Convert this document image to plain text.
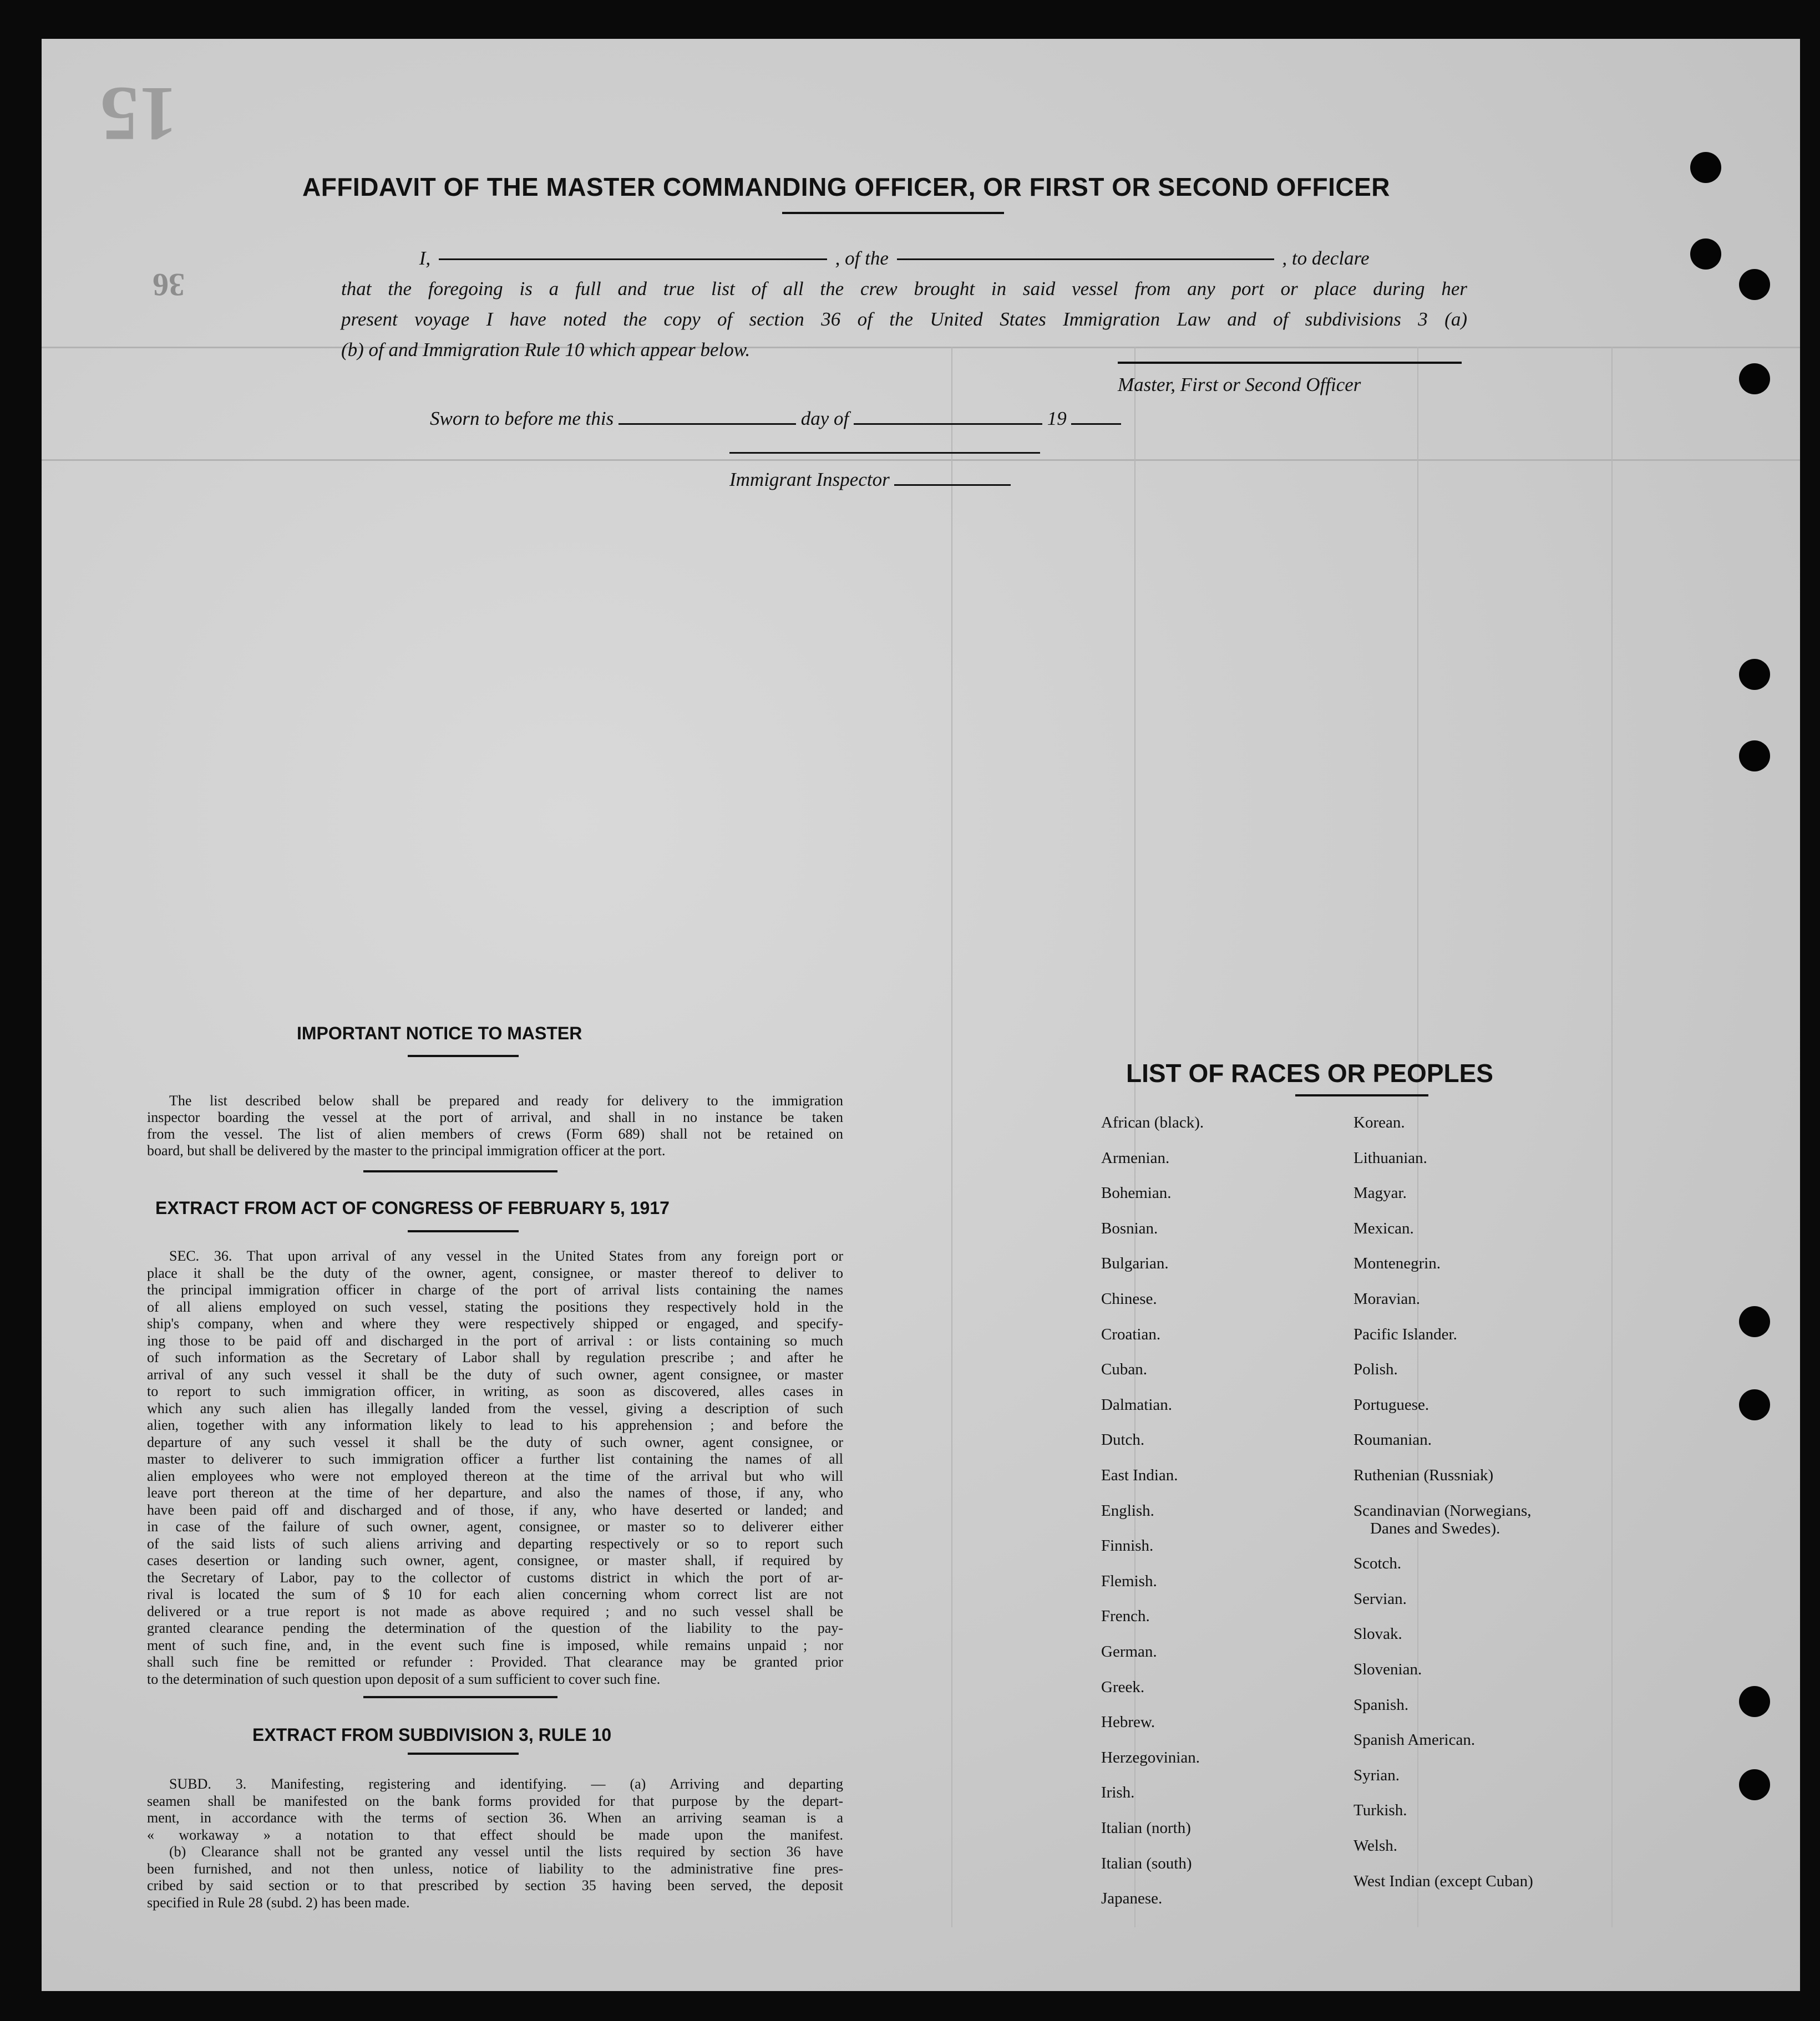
15
36
AFFIDAVIT OF THE MASTER COMMANDING OFFICER, OR FIRST OR SECOND OFFICER
I,	, of the	, to declare
that the foregoing is a full and true list of all the crew brought in said vessel from any port or place during her
present voyage I have noted the copy of section 36 of the United States Immigration Law and of subdivisions 3 (a)
(b) of and Immigration Rule 10 which appear below.
Master, First or Second Officer
Sworn to before me this	day of	19
Immigrant Inspector
IMPORTANT NOTICE TO MASTER
The list described below shall be prepared and ready for delivery to the immigration
inspector boarding the vessel at the port of arrival, and shall in no instance be taken
from the vessel. The list of alien members of crews (Form 689) shall not be retained on
board, but shall be delivered by the master to the principal immigration officer at the port.
EXTRACT FROM ACT OF CONGRESS OF FEBRUARY 5, 1917
SEC. 36. That upon arrival of any vessel in the United States from any foreign port or
place it shall be the duty of the owner, agent, consignee, or master thereof to deliver to
the principal immigration officer in charge of the port of arrival lists containing the names
of all aliens employed on such vessel, stating the positions they respectively hold in the
ship's company, when and where they were respectively shipped or engaged, and specify-
ing those to be paid off and discharged in the port of arrival : or lists containing so much
of such information as the Secretary of Labor shall by regulation prescribe ; and after he
arrival of any such vessel it shall be the duty of such owner, agent consignee, or master
to report to such immigration officer, in writing, as soon as discovered, alles cases in
which any such alien has illegally landed from the vessel, giving a description of such
alien, together with any information likely to lead to his apprehension ; and before the
departure of any such vessel it shall be the duty of such owner, agent consignee, or
master to deliverer to such immigration officer a further list containing the names of all
alien employees who were not employed thereon at the time of the arrival but who will
leave port thereon at the time of her departure, and also the names of those, if any, who
have been paid off and discharged and of those, if any, who have deserted or landed; and
in case of the failure of such owner, agent, consignee, or master so to deliverer either
of the said lists of such aliens arriving and departing respectively or so to report such
cases desertion or landing such owner, agent, consignee, or master shall, if required by
the Secretary of Labor, pay to the collector of customs district in which the port of ar-
rival is located the sum of $ 10 for each alien concerning whom correct list are not
delivered or a true report is not made as above required ; and no such vessel shall be
granted clearance pending the determination of the question of the liability to the pay-
ment of such fine, and, in the event such fine is imposed, while remains unpaid ; nor
shall such fine be remitted or refunder : Provided. That clearance may be granted prior
to the determination of such question upon deposit of a sum sufficient to cover such fine.
EXTRACT FROM SUBDIVISION 3, RULE 10
SUBD. 3. Manifesting, registering and identifying. — (a) Arriving and departing
seamen shall be manifested on the bank forms provided for that purpose by the depart-
ment, in accordance with the terms of section 36. When an arriving seaman is a
« workaway » a notation to that effect should be made upon the manifest.
(b) Clearance shall not be granted any vessel until the lists required by section 36 have
been furnished, and not then unless, notice of liability to the administrative fine pres-
cribed by said section or to that prescribed by section 35 having been served, the deposit
specified in Rule 28 (subd. 2) has been made.
LIST OF RACES OR PEOPLES
African (black).
Armenian.
Bohemian.
Bosnian.
Bulgarian.
Chinese.
Croatian.
Cuban.
Dalmatian.
Dutch.
East Indian.
English.
Finnish.
Flemish.
French.
German.
Greek.
Hebrew.
Herzegovinian.
Irish.
Italian (north)
Italian (south)
Japanese.
Korean.
Lithuanian.
Magyar.
Mexican.
Montenegrin.
Moravian.
Pacific Islander.
Polish.
Portuguese.
Roumanian.
Ruthenian (Russniak)
Scandinavian (Norwegians,
Danes and Swedes).
Scotch.
Servian.
Slovak.
Slovenian.
Spanish.
Spanish American.
Syrian.
Turkish.
Welsh.
West Indian (except Cuban)
